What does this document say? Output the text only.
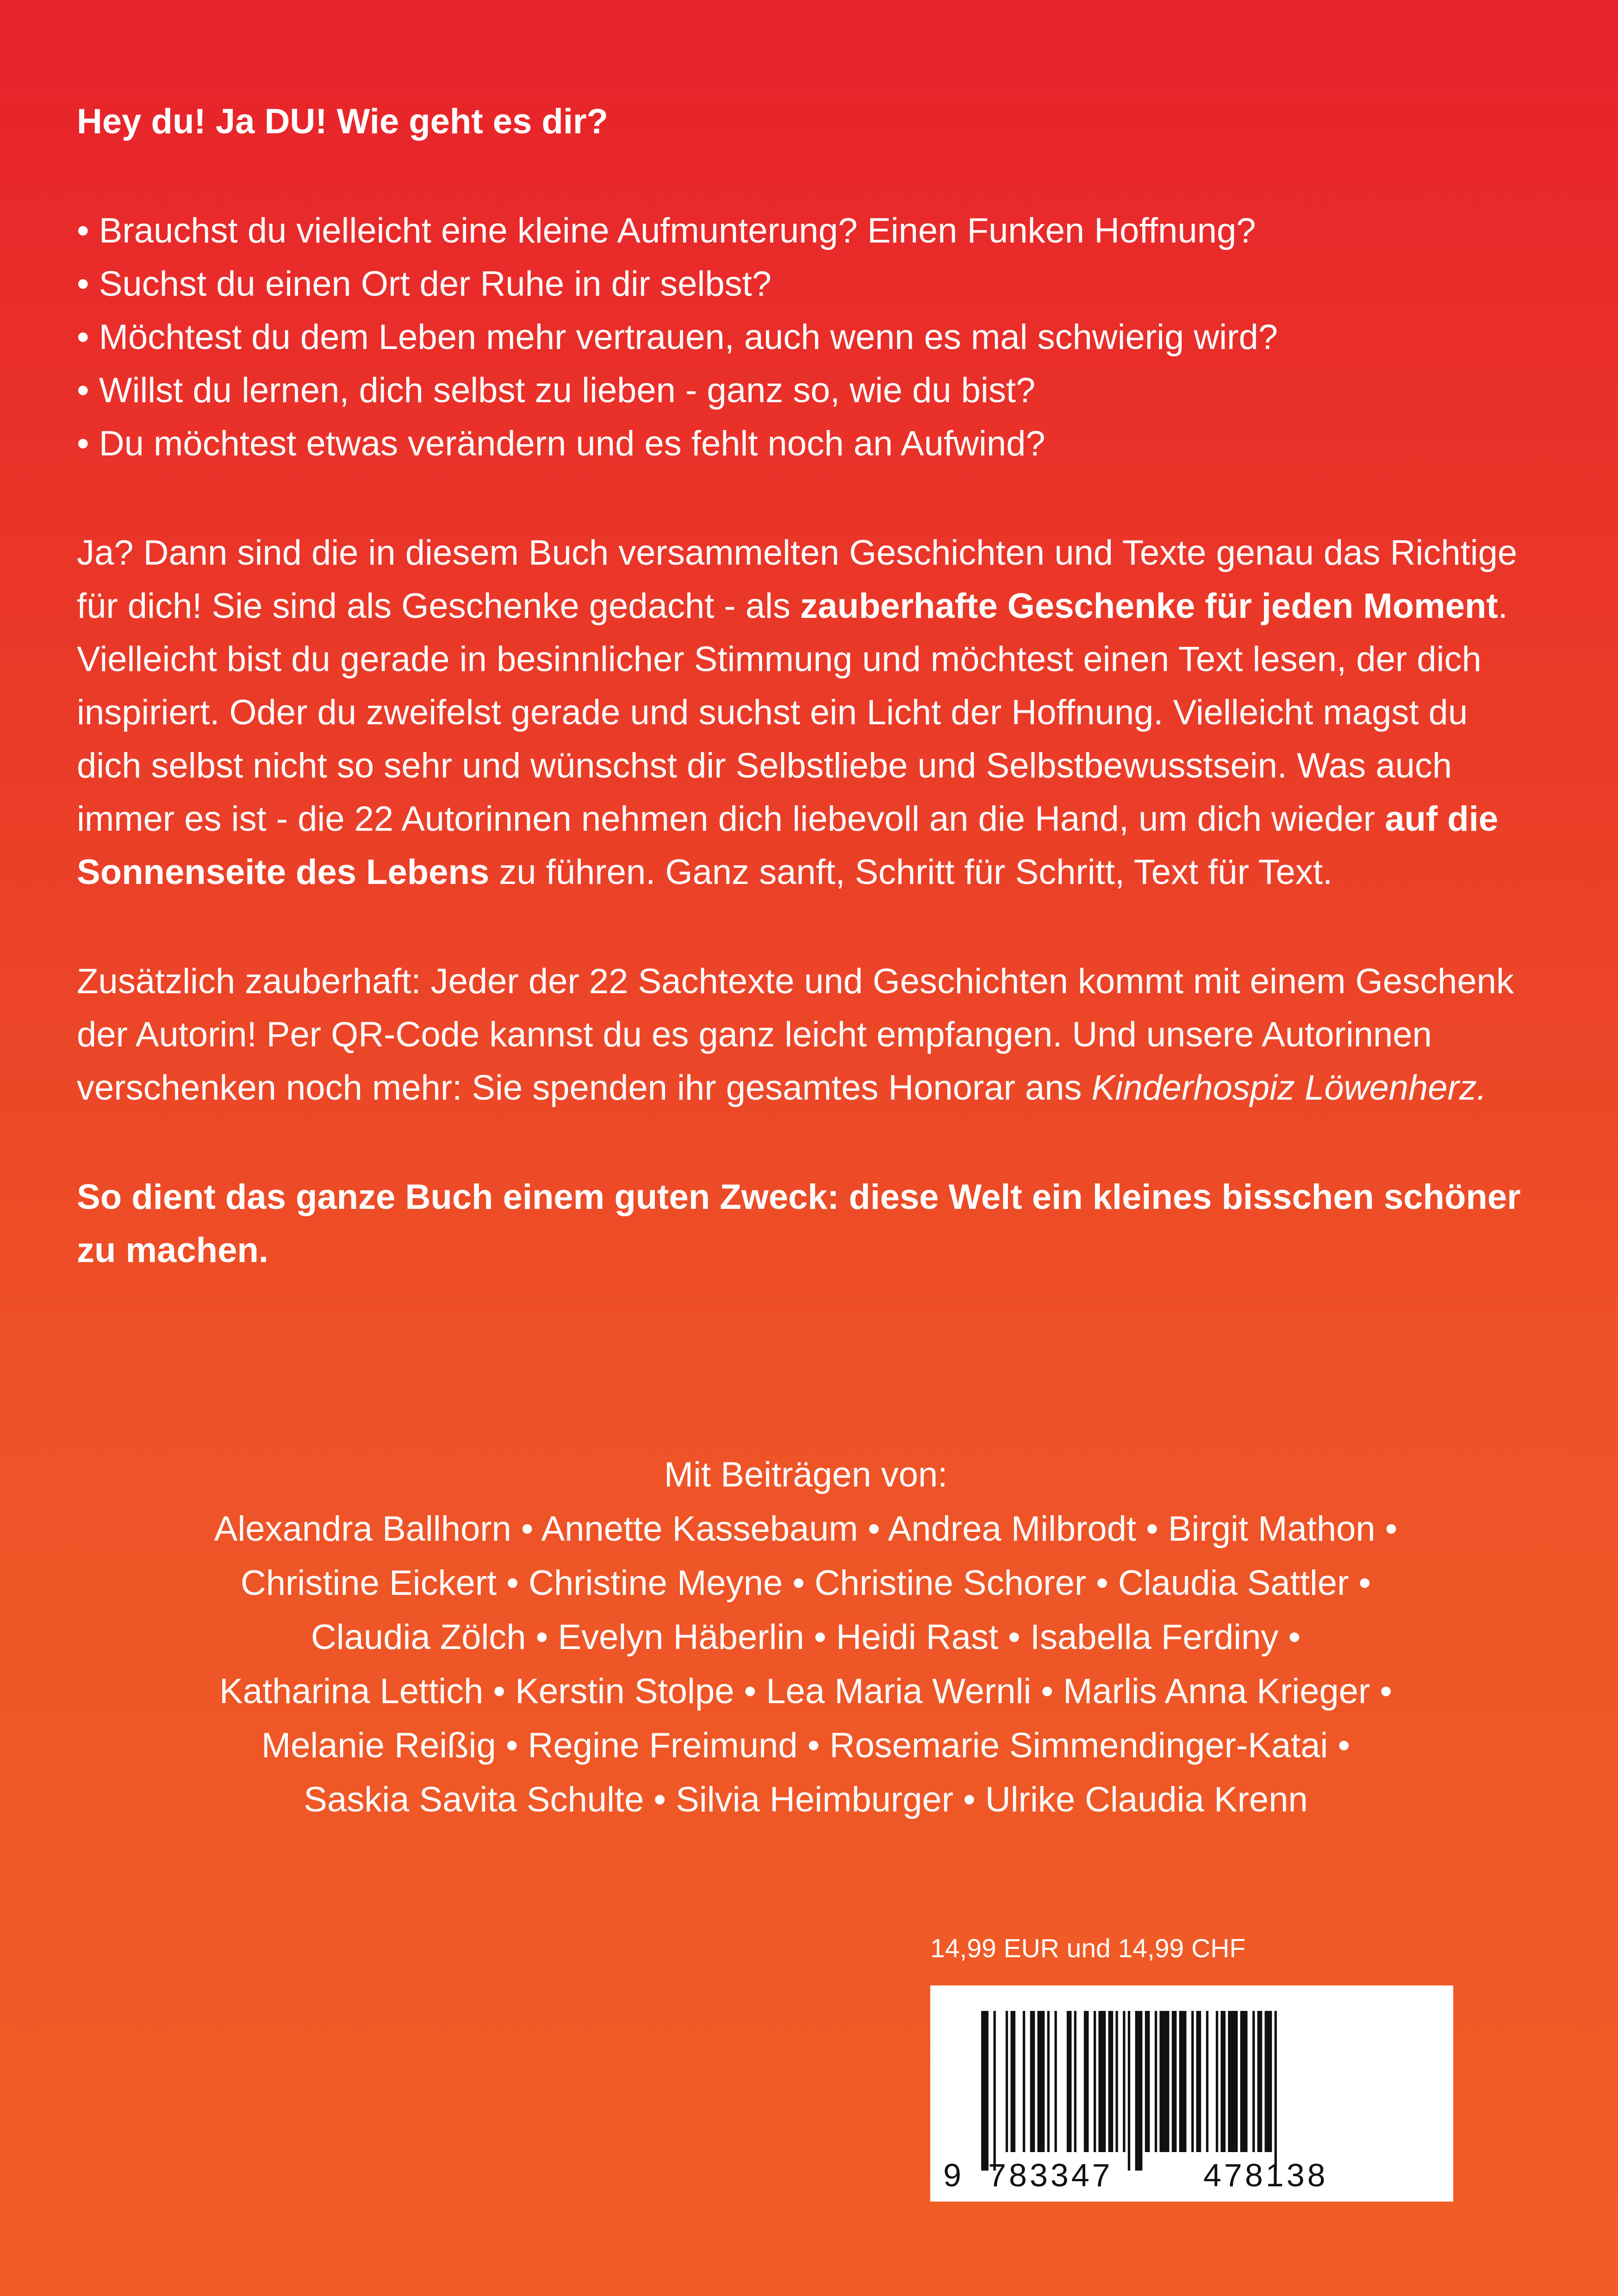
Hey du! Ja DU! Wie geht es dir?

• Brauchst du vielleicht eine kleine Aufmunterung? Einen Funken Hoffnung?
• Suchst du einen Ort der Ruhe in dir selbst?
• Möchtest du dem Leben mehr vertrauen, auch wenn es mal schwierig wird?
• Willst du lernen, dich selbst zu lieben - ganz so, wie du bist?
• Du möchtest etwas verändern und es fehlt noch an Aufwind?

Ja? Dann sind die in diesem Buch versammelten Geschichten und Texte genau das Richtige für dich! Sie sind als Geschenke gedacht - als zauberhafte Geschenke für jeden Moment. Vielleicht bist du gerade in besinnlicher Stimmung und möchtest einen Text lesen, der dich inspiriert. Oder du zweifelst gerade und suchst ein Licht der Hoffnung. Vielleicht magst du dich selbst nicht so sehr und wünschst dir Selbstliebe und Selbstbewusstsein. Was auch immer es ist - die 22 Autorinnen nehmen dich liebevoll an die Hand, um dich wieder auf die Sonnenseite des Lebens zu führen. Ganz sanft, Schritt für Schritt, Text für Text.

Zusätzlich zauberhaft: Jeder der 22 Sachtexte und Geschichten kommt mit einem Geschenk der Autorin! Per QR-Code kannst du es ganz leicht empfangen. Und unsere Autorinnen verschenken noch mehr: Sie spenden ihr gesamtes Honorar ans Kinderhospiz Löwenherz.

So dient das ganze Buch einem guten Zweck: diese Welt ein kleines bisschen schöner zu machen.

Mit Beiträgen von:
Alexandra Ballhorn • Annette Kassebaum • Andrea Milbrodt • Birgit Mathon •
Christine Eickert • Christine Meyne • Christine Schorer • Claudia Sattler •
Claudia Zölch • Evelyn Häberlin • Heidi Rast • Isabella Ferdiny •
Katharina Lettich • Kerstin Stolpe • Lea Maria Wernli • Marlis Anna Krieger •
Melanie Reißig • Regine Freimund • Rosemarie Simmendinger-Katai •
Saskia Savita Schulte • Silvia Heimburger • Ulrike Claudia Krenn
14,99 EUR und 14,99 CHF
9 783347	478138
